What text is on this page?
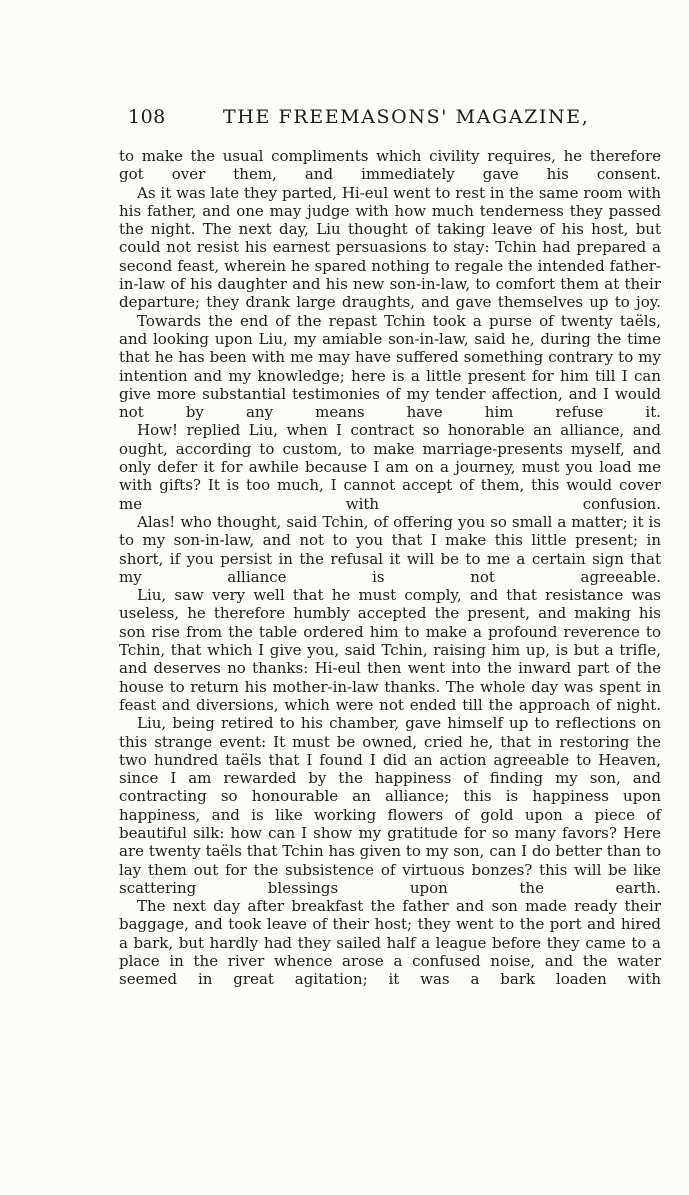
108	THE FREEMASONS' MAGAZINE,

to make the usual compliments which civility requires, he therefore got over them, and immediately gave his consent.

As it was late they parted, Hi-eul went to rest in the same room with his father, and one may judge with how much tenderness they passed the night. The next day, Liu thought of taking leave of his host, but could not resist his earnest persuasions to stay: Tchin had prepared a second feast, wherein he spared nothing to regale the intended father-in-law of his daughter and his new son-in-law, to comfort them at their departure; they drank large draughts, and gave themselves up to joy.

Towards the end of the repast Tchin took a purse of twenty taëls, and looking upon Liu, my amiable son-in-law, said he, during the time that he has been with me may have suffered something contrary to my intention and my knowledge; here is a little present for him till I can give more substantial testimonies of my tender affection, and I would not by any means have him refuse it.

How! replied Liu, when I contract so honorable an alliance, and ought, according to custom, to make marriage-presents myself, and only defer it for awhile because I am on a journey, must you load me with gifts? It is too much, I cannot accept of them, this would cover me with confusion.

Alas! who thought, said Tchin, of offering you so small a matter; it is to my son-in-law, and not to you that I make this little present; in short, if you persist in the refusal it will be to me a certain sign that my alliance is not agreeable.

Liu, saw very well that he must comply, and that resistance was useless, he therefore humbly accepted the present, and making his son rise from the table ordered him to make a profound reverence to Tchin, that which I give you, said Tchin, raising him up, is but a trifle, and deserves no thanks: Hi-eul then went into the inward part of the house to return his mother-in-law thanks. The whole day was spent in feast and diversions, which were not ended till the approach of night.

Liu, being retired to his chamber, gave himself up to reflections on this strange event: It must be owned, cried he, that in restoring the two hundred taëls that I found I did an action agreeable to Heaven, since I am rewarded by the happiness of finding my son, and contracting so honourable an alliance; this is happiness upon happiness, and is like working flowers of gold upon a piece of beautiful silk: how can I show my gratitude for so many favors? Here are twenty taëls that Tchin has given to my son, can I do better than to lay them out for the subsistence of virtuous bonzes? this will be like scattering blessings upon the earth.

The next day after breakfast the father and son made ready their baggage, and took leave of their host; they went to the port and hired a bark, but hardly had they sailed half a league before they came to a place in the river whence arose a confused noise, and the water seemed in great agitation; it was a bark loaden with
